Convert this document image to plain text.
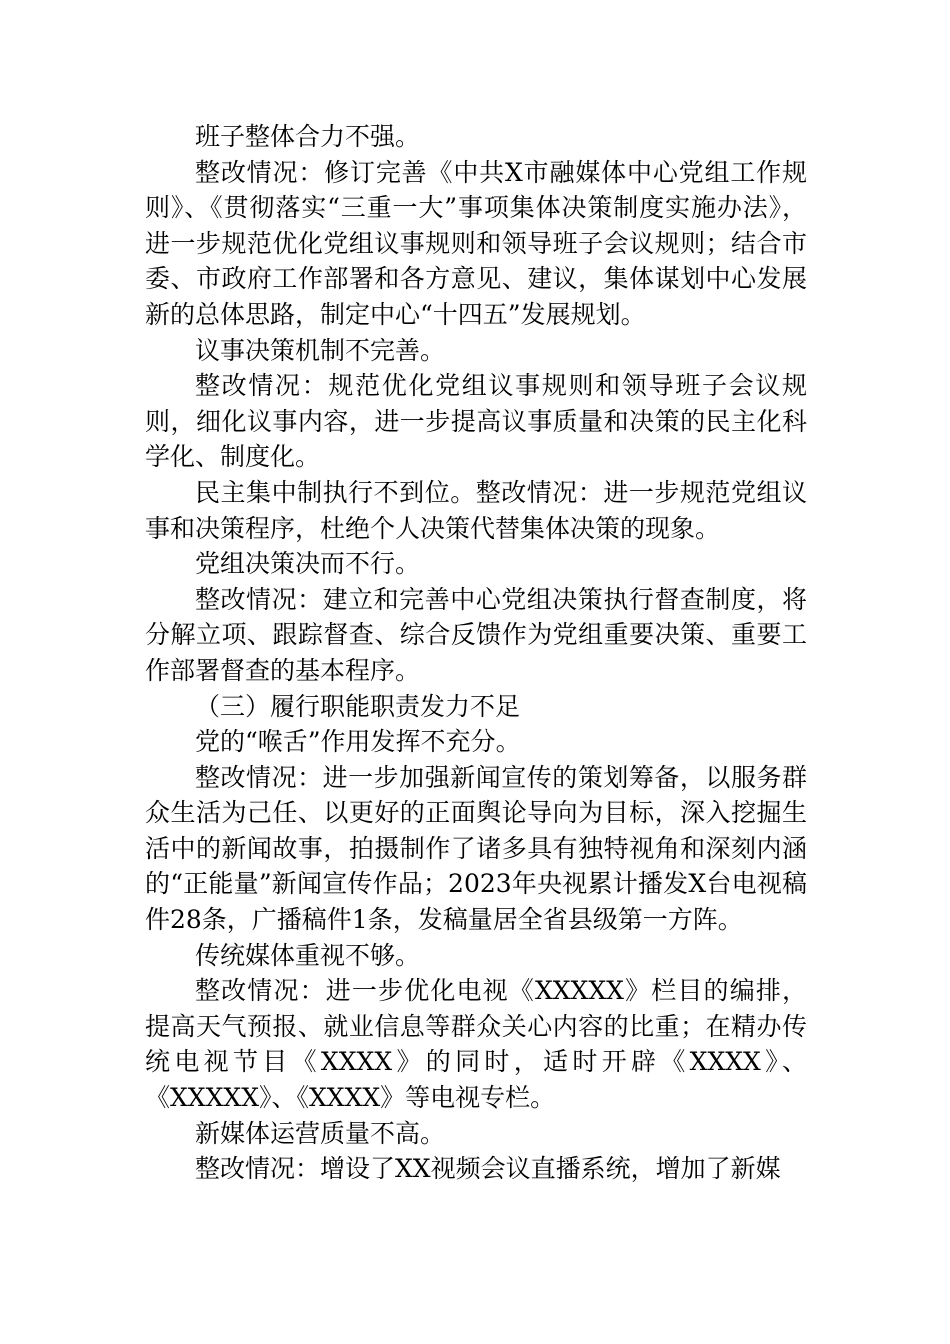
班子整体合力不强。

整改情况：修订完善《中共X市融媒体中心党组工作规则》、《贯彻落实“三重一大”事项集体决策制度实施办法》，进一步规范优化党组议事规则和领导班子会议规则；结合市委、市政府工作部署和各方意见、建议，集体谋划中心发展新的总体思路，制定中心“十四五”发展规划。

议事决策机制不完善。

整改情况：规范优化党组议事规则和领导班子会议规则，细化议事内容，进一步提高议事质量和决策的民主化科学化、制度化。

民主集中制执行不到位。整改情况：进一步规范党组议事和决策程序，杜绝个人决策代替集体决策的现象。

党组决策决而不行。

整改情况：建立和完善中心党组决策执行督查制度，将分解立项、跟踪督查、综合反馈作为党组重要决策、重要工作部署督查的基本程序。

（三）履行职能职责发力不足

党的“喉舌”作用发挥不充分。

整改情况：进一步加强新闻宣传的策划筹备，以服务群众生活为己任、以更好的正面舆论导向为目标，深入挖掘生活中的新闻故事，拍摄制作了诸多具有独特视角和深刻内涵的“正能量”新闻宣传作品；2023年央视累计播发X台电视稿件28条，广播稿件1条，发稿量居全省县级第一方阵。

传统媒体重视不够。

整改情况：进一步优化电视《XXXXX》栏目的编排，提高天气预报、就业信息等群众关心内容的比重；在精办传统电视节目《XXXX》的同时，适时开辟《XXXX》、《XXXXX》、《XXXX》等电视专栏。

新媒体运营质量不高。

整改情况：增设了XX视频会议直播系统，增加了新媒
